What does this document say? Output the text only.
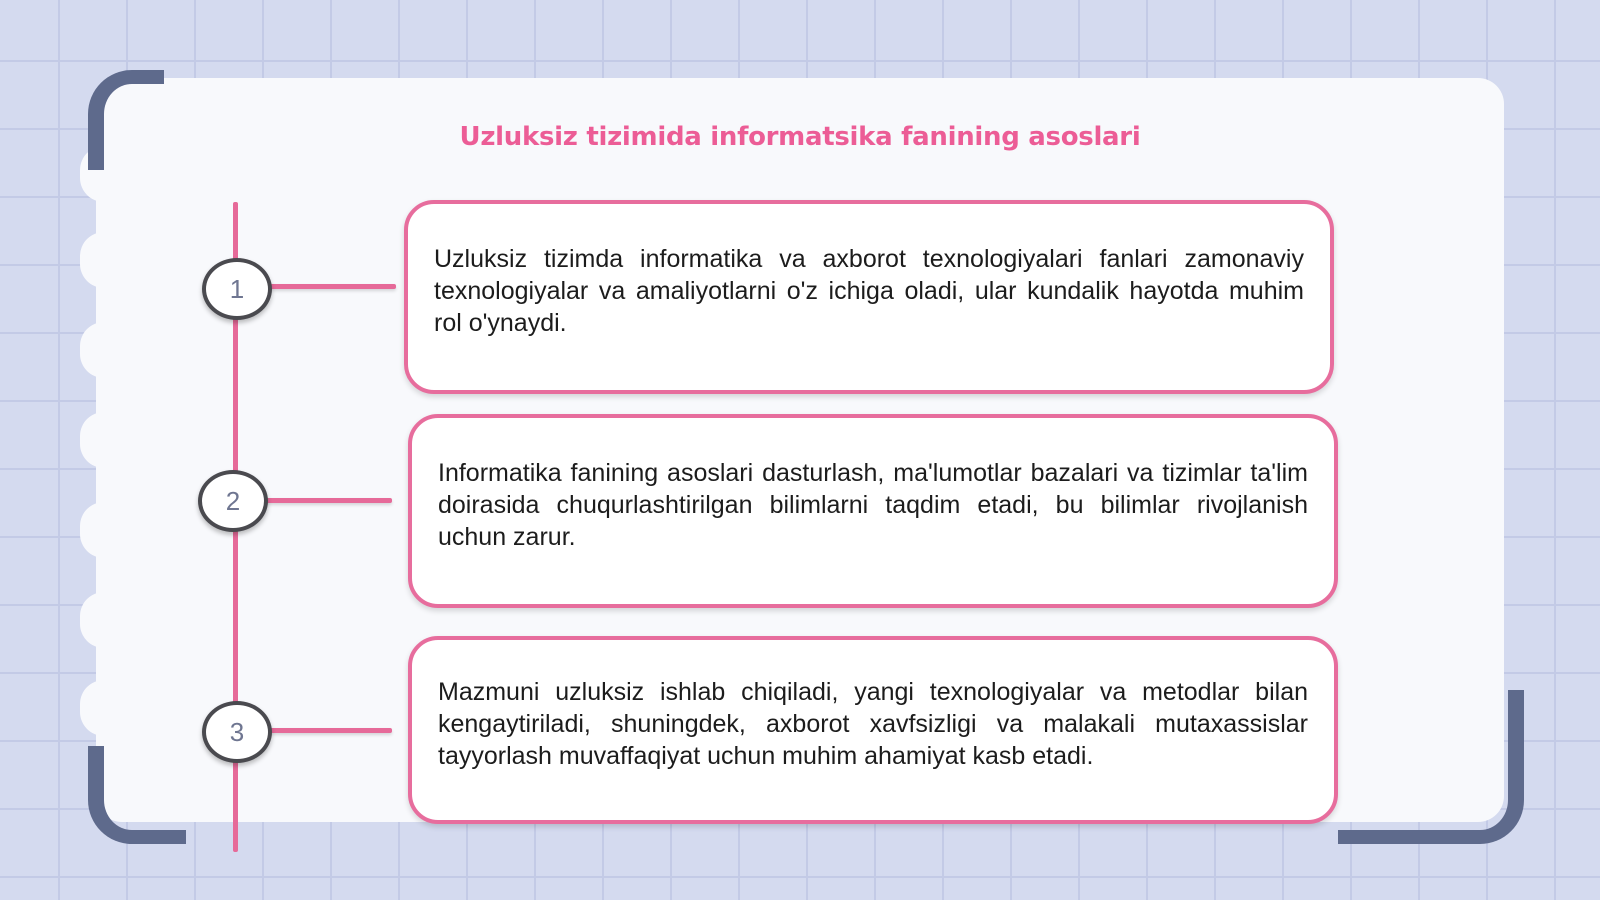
Uzluksiz tizimida informatsika fanining asoslari
1
2
3

Uzluksiz tizimda informatika va axborot texnologiyalari fanlari zamonaviy texnologiyalar va amaliyotlarni o'z ichiga oladi, ular kundalik hayotda muhim rol o'ynaydi.

Informatika fanining asoslari dasturlash, ma'lumotlar bazalari va tizimlar ta'lim doirasida chuqurlashtirilgan bilimlarni taqdim etadi, bu bilimlar rivojlanish uchun zarur.

Mazmuni uzluksiz ishlab chiqiladi, yangi texnologiyalar va metodlar bilan kengaytiriladi, shuningdek, axborot xavfsizligi va malakali mutaxassislar tayyorlash muvaffaqiyat uchun muhim ahamiyat kasb etadi.
